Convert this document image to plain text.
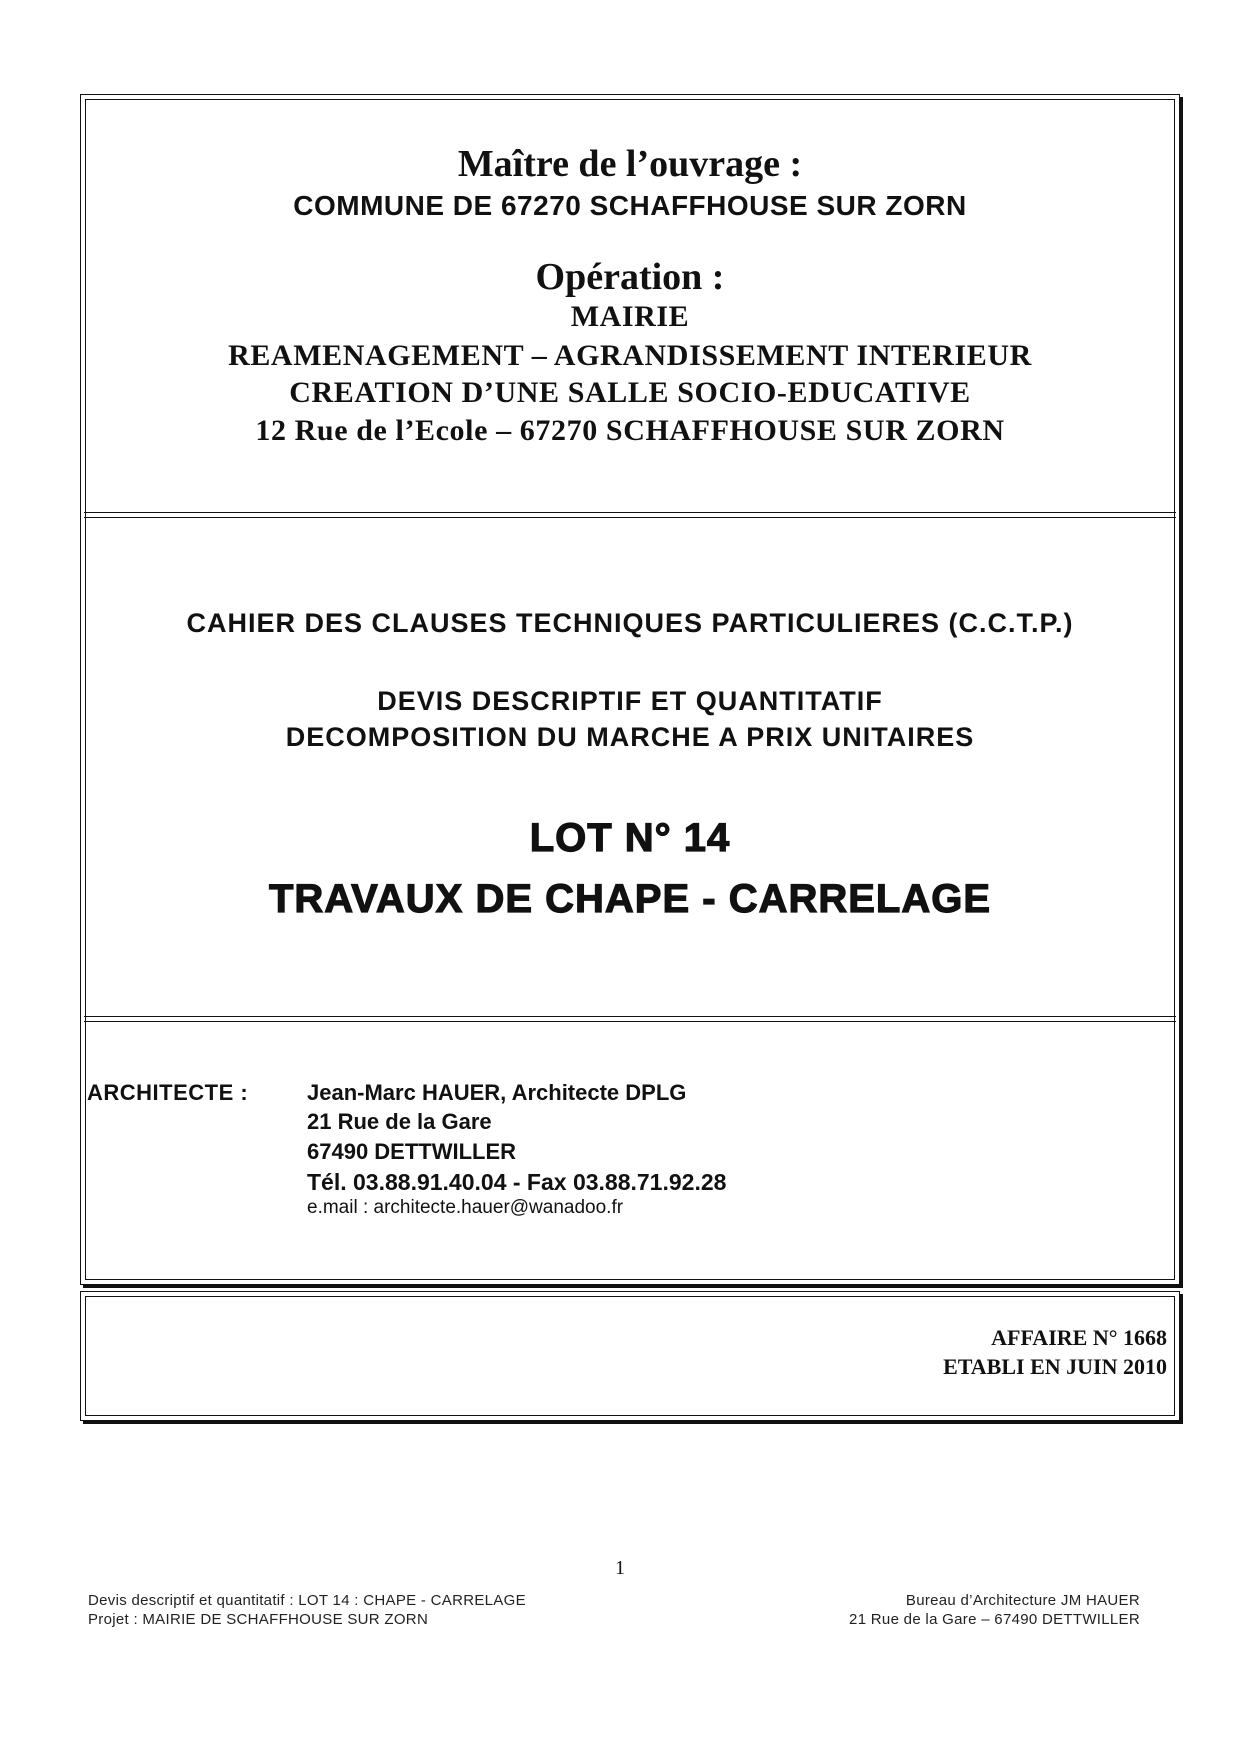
Maître de l’ouvrage :
COMMUNE DE 67270 SCHAFFHOUSE SUR ZORN
Opération :
MAIRIE
REAMENAGEMENT – AGRANDISSEMENT INTERIEUR
CREATION D’UNE SALLE SOCIO-EDUCATIVE
12 Rue de l’Ecole – 67270 SCHAFFHOUSE SUR ZORN
CAHIER DES CLAUSES TECHNIQUES PARTICULIERES (C.C.T.P.)
DEVIS DESCRIPTIF ET QUANTITATIF
DECOMPOSITION DU MARCHE A PRIX UNITAIRES
LOT N° 14
TRAVAUX DE CHAPE - CARRELAGE
ARCHITECTE :	Jean-Marc HAUER, Architecte DPLG
21 Rue de la Gare
67490 DETTWILLER
Tél. 03.88.91.40.04 - Fax 03.88.71.92.28
e.mail : architecte.hauer@wanadoo.fr
AFFAIRE N° 1668
ETABLI EN JUIN 2010
1
Devis descriptif et quantitatif : LOT 14 : CHAPE - CARRELAGE
Projet : MAIRIE DE SCHAFFHOUSE SUR ZORN
Bureau d’Architecture JM HAUER
21 Rue de la Gare – 67490 DETTWILLER
